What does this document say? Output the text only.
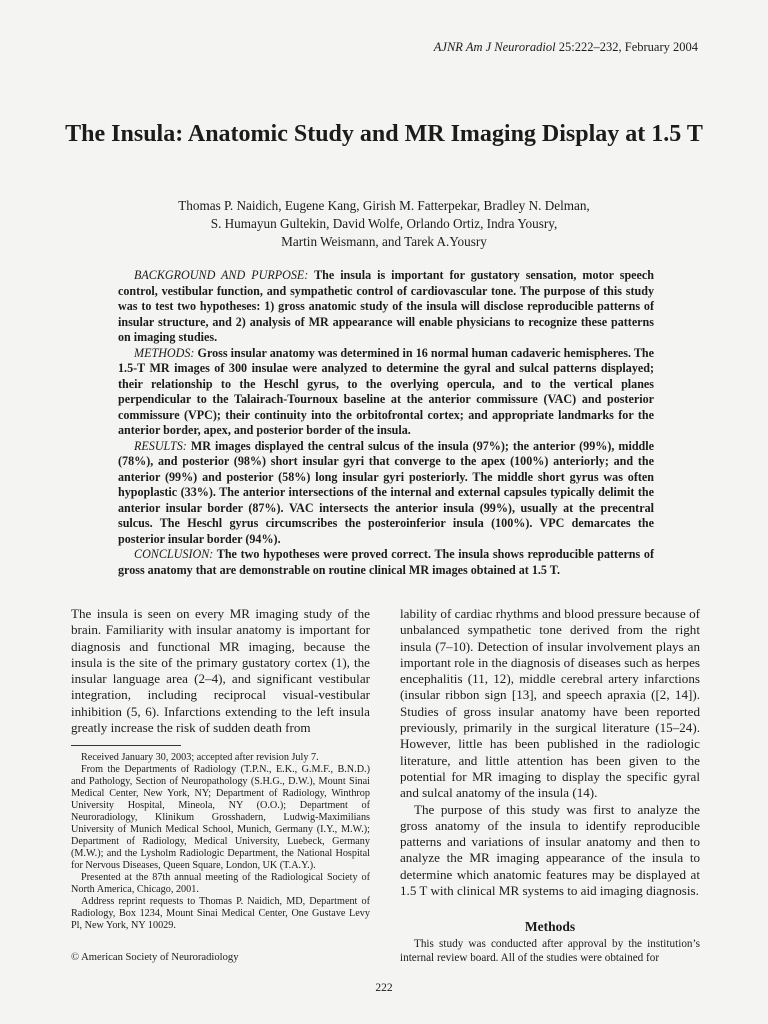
AJNR Am J Neuroradiol 25:222–232, February 2004
The Insula: Anatomic Study and MR Imaging Display at 1.5 T
Thomas P. Naidich, Eugene Kang, Girish M. Fatterpekar, Bradley N. Delman,
S. Humayun Gultekin, David Wolfe, Orlando Ortiz, Indra Yousry,
Martin Weismann, and Tarek A.Yousry

BACKGROUND AND PURPOSE: The insula is important for gustatory sensation, motor speech control, vestibular function, and sympathetic control of cardiovascular tone. The purpose of this study was to test two hypotheses: 1) gross anatomic study of the insula will disclose reproducible patterns of insular structure, and 2) analysis of MR appearance will enable physicians to recognize these patterns on imaging studies.

METHODS: Gross insular anatomy was determined in 16 normal human cadaveric hemispheres. The 1.5-T MR images of 300 insulae were analyzed to determine the gyral and sulcal patterns displayed; their relationship to the Heschl gyrus, to the overlying opercula, and to the vertical planes perpendicular to the Talairach-Tournoux baseline at the anterior commissure (VAC) and posterior commissure (VPC); their continuity into the orbitofrontal cortex; and appropriate landmarks for the anterior border, apex, and posterior border of the insula.

RESULTS: MR images displayed the central sulcus of the insula (97%); the anterior (99%), middle (78%), and posterior (98%) short insular gyri that converge to the apex (100%) anteriorly; and the anterior (99%) and posterior (58%) long insular gyri posteriorly. The middle short gyrus was often hypoplastic (33%). The anterior intersections of the internal and external capsules typically delimit the anterior insular border (87%). VAC intersects the anterior insula (99%), usually at the precentral sulcus. The Heschl gyrus circumscribes the posteroinferior insula (100%). VPC demarcates the posterior insular border (94%).

CONCLUSION: The two hypotheses were proved correct. The insula shows reproducible patterns of gross anatomy that are demonstrable on routine clinical MR images obtained at 1.5 T.

The insula is seen on every MR imaging study of the brain. Familiarity with insular anatomy is important for diagnosis and functional MR imaging, because the insula is the site of the primary gustatory cortex (1), the insular language area (2–4), and significant vestibular integration, including reciprocal visual-vestibular inhibition (5, 6). Infarctions extending to the left insula greatly increase the risk of sudden death from

Received January 30, 2003; accepted after revision July 7.

From the Departments of Radiology (T.P.N., E.K., G.M.F., B.N.D.) and Pathology, Section of Neuropathology (S.H.G., D.W.), Mount Sinai Medical Center, New York, NY; Department of Radiology, Winthrop University Hospital, Mineola, NY (O.O.); Department of Neuroradiology, Klinikum Grosshadern, Ludwig-Maximilians University of Munich Medical School, Munich, Germany (I.Y., M.W.); Department of Radiology, Medical University, Luebeck, Germany (M.W.); and the Lysholm Radiologic Department, the National Hospital for Nervous Diseases, Queen Square, London, UK (T.A.Y.).

Presented at the 87th annual meeting of the Radiological Society of North America, Chicago, 2001.

Address reprint requests to Thomas P. Naidich, MD, Department of Radiology, Box 1234, Mount Sinai Medical Center, One Gustave Levy Pl, New York, NY 10029.

© American Society of Neuroradiology

lability of cardiac rhythms and blood pressure because of unbalanced sympathetic tone derived from the right insula (7–10). Detection of insular involvement plays an important role in the diagnosis of diseases such as herpes encephalitis (11, 12), middle cerebral artery infarctions (insular ribbon sign [13], and speech apraxia ([2, 14]). Studies of gross insular anatomy have been reported previously, primarily in the surgical literature (15–24). However, little has been published in the radiologic literature, and little attention has been given to the potential for MR imaging to display the specific gyral and sulcal anatomy of the insula (14).

The purpose of this study was first to analyze the gross anatomy of the insula to identify reproducible patterns and variations of insular anatomy and then to analyze the MR imaging appearance of the insula to determine which anatomic features may be displayed at 1.5 T with clinical MR systems to aid imaging diagnosis.

Methods

This study was conducted after approval by the institution’s internal review board. All of the studies were obtained for

222
